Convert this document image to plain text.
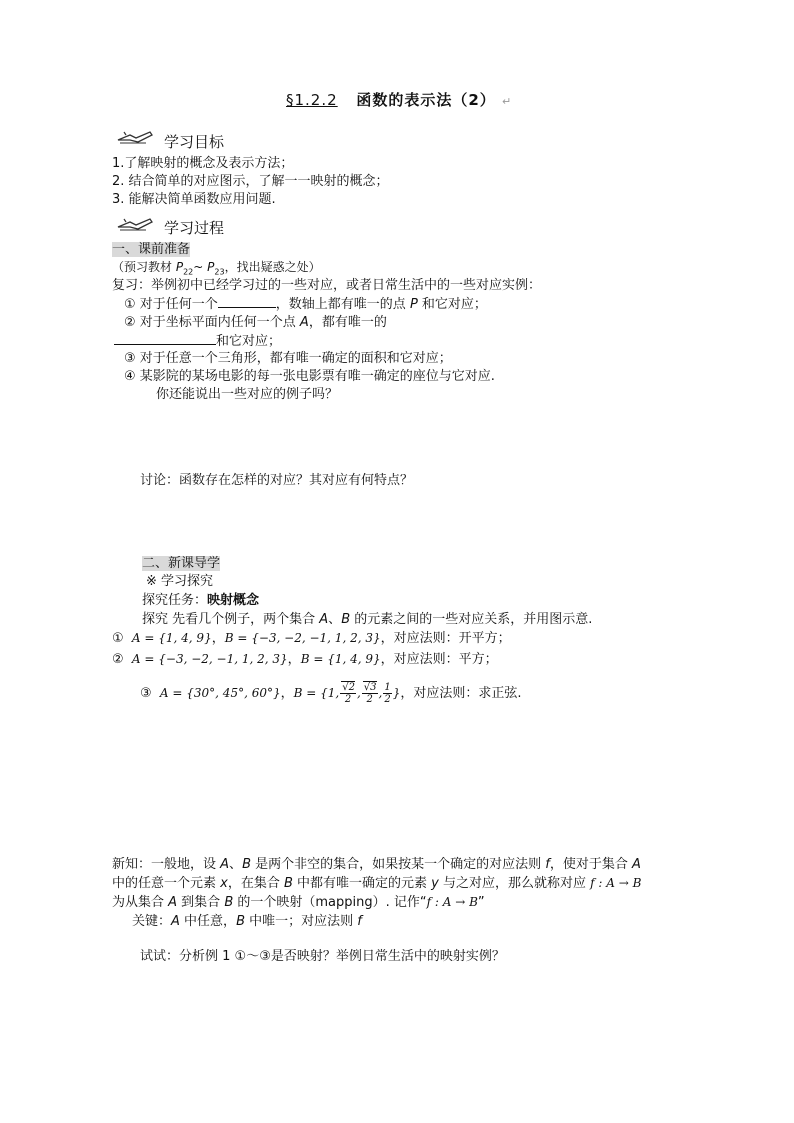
§1.2.2 函数的表示法（2） ↵
学习目标
1.了解映射的概念及表示方法；
2. 结合简单的对应图示，了解一一映射的概念；
3. 能解决简单函数应用问题.
学习过程
一、课前准备
（预习教材 $P_{22}\sim$ $P_{23}$，找出疑惑之处）
复习：举例初中已经学习过的一些对应，或者日常生活中的一些对应实例：
① 对于任何一个	，数轴上都有唯一的点 P 和它对应；
② 对于坐标平面内任何一个点 A，都有唯一的
和它对应；
③ 对于任意一个三角形，都有唯一确定的面积和它对应；
④ 某影院的某场电影的每一张电影票有唯一确定的座位与它对应.
你还能说出一些对应的例子吗？
讨论：函数存在怎样的对应？其对应有何特点？
二、新课导学
※ 学习探究
探究任务：映射概念
探究 先看几个例子，两个集合 A、B 的元素之间的一些对应关系，并用图示意.
① A = {1, 4, 9}，B = {−3, −2, −1, 1, 2, 3}，对应法则：开平方；
② A = {−3, −2, −1, 1, 2, 3}，B = {1, 4, 9}，对应法则：平方；
③ A = {30°, 45°, 60°}，B = {1, $\frac{√2}{2}$ , $\frac{√3}{2}$ , $\frac{1}{2}$ }，对应法则：求正弦.
新知：一般地，设 A、B 是两个非空的集合，如果按某一个确定的对应法则 f，使对于集合 A
中的任意一个元素 x，在集合 B 中都有唯一确定的元素 y 与之对应，那么就称对应 f : A → B
为从集合 A 到集合 B 的一个映射（mapping）. 记作“f : A → B”
关键：A 中任意，B 中唯一；对应法则 f
试试：分析例 1 ①～③是否映射？举例日常生活中的映射实例？
